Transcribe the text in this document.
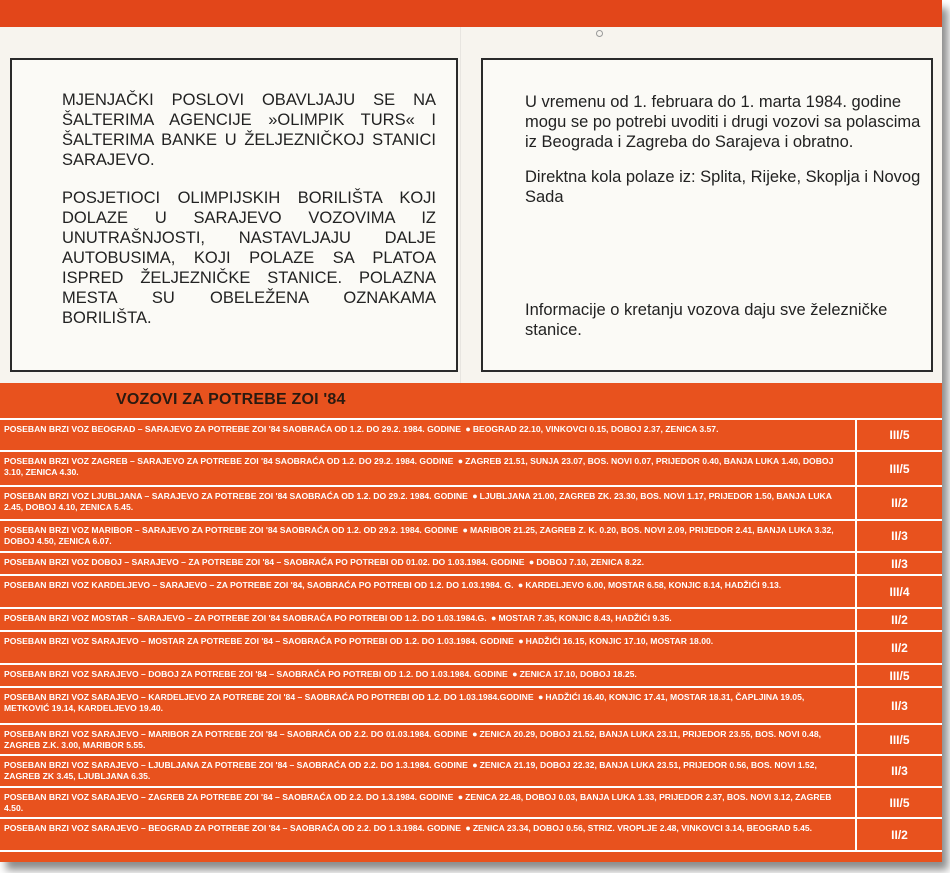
MJENJAČKI POSLOVI OBAVLJAJU SE NA ŠALTERIMA AGENCIJE »OLIMPIK TURS« I ŠALTERIMA BANKE U ŽELJEZNIČKOJ STANICI SARAJEVO.

POSJETIOCI OLIMPIJSKIH BORILIŠTA KOJI DOLAZE U SARAJEVO VOZOVIMA IZ UNUTRAŠNJOSTI, NASTAVLJAJU DALJE AUTOBUSIMA, KOJI POLAZE SA PLATOA ISPRED ŽELJEZNIČKE STANICE. POLAZNA MESTA SU OBELEŽENA OZNAKAMA BORILIŠTA.

U vremenu od 1. februara do 1. marta 1984. godine mogu se po potrebi uvoditi i drugi vozovi sa polascima iz Beograda i Zagreba do Sarajeva i obratno.

Direktna kola polaze iz: Splita, Rijeke, Skoplja i Novog Sada

Informacije o kretanju vozova daju sve železničke stanice.

VOZOVI ZA POTREBE ZOI '84
POSEBAN BRZI VOZ BEOGRAD – SARAJEVO ZA POTREBE ZOI '84 SAOBRAĆA OD 1.2. DO 29.2. 1984. GODINE ● BEOGRAD 22.10, VINKOVCI 0.15, DOBOJ 2.37, ZENICA 3.57.	III/5
POSEBAN BRZI VOZ ZAGREB – SARAJEVO ZA POTREBE ZOI '84 SAOBRAĆA OD 1.2. DO 29.2. 1984. GODINE ● ZAGREB 21.51, SUNJA 23.07, BOS. NOVI 0.07, PRIJEDOR 0.40, BANJA LUKA 1.40, DOBOJ 3.10, ZENICA 4.30.	III/5
POSEBAN BRZI VOZ LJUBLJANA – SARAJEVO ZA POTREBE ZOI '84 SAOBRAĆA OD 1.2. DO 29.2. 1984. GODINE ● LJUBLJANA 21.00, ZAGREB ZK. 23.30, BOS. NOVI 1.17, PRIJEDOR 1.50, BANJA LUKA 2.45, DOBOJ 4.10, ZENICA 5.45.	II/2
POSEBAN BRZI VOZ MARIBOR – SARAJEVO ZA POTREBE ZOI '84 SAOBRAĆA OD 1.2. OD 29.2. 1984. GODINE ● MARIBOR 21.25, ZAGREB Z. K. 0.20, BOS. NOVI 2.09, PRIJEDOR 2.41, BANJA LUKA 3.32, DOBOJ 4.50, ZENICA 6.07.	II/3
POSEBAN BRZI VOZ DOBOJ – SARAJEVO – ZA POTREBE ZOI '84 – SAOBRAĆA PO POTREBI OD 01.02. DO 1.03.1984. GODINE ● DOBOJ 7.10, ZENICA 8.22.	II/3
POSEBAN BRZI VOZ KARDELJEVO – SARAJEVO – ZA POTREBE ZOI '84, SAOBRAĆA PO POTREBI OD 1.2. DO 1.03.1984. G. ● KARDELJEVO 6.00, MOSTAR 6.58, KONJIC 8.14, HADŽIĆI 9.13.	III/4
POSEBAN BRZI VOZ MOSTAR – SARAJEVO – ZA POTREBE ZOI '84 SAOBRAĆA PO POTREBI OD 1.2. DO 1.03.1984.G. ● MOSTAR 7.35, KONJIC 8.43, HADŽIĆI 9.35.	II/2
POSEBAN BRZI VOZ SARAJEVO – MOSTAR ZA POTREBE ZOI '84 – SAOBRAĆA PO POTREBI OD 1.2. DO 1.03.1984. GODINE ● HADŽIĆI 16.15, KONJIC 17.10, MOSTAR 18.00.	II/2
POSEBAN BRZI VOZ SARAJEVO – DOBOJ ZA POTREBE ZOI '84 – SAOBRAĆA PO POTREBI OD 1.2. DO 1.03.1984. GODINE ● ZENICA 17.10, DOBOJ 18.25.	III/5
POSEBAN BRZI VOZ SARAJEVO – KARDELJEVO ZA POTREBE ZOI '84 – SAOBRAĆA PO POTREBI OD 1.2. DO 1.03.1984.GODINE ● HADŽIĆI 16.40, KONJIC 17.41, MOSTAR 18.31, ČAPLJINA 19.05, METKOVIĆ 19.14, KARDELJEVO 19.40.	II/3
POSEBAN BRZI VOZ SARAJEVO – MARIBOR ZA POTREBE ZOI '84 – SAOBRAĆA OD 2.2. DO 01.03.1984. GODINE ● ZENICA 20.29, DOBOJ 21.52, BANJA LUKA 23.11, PRIJEDOR 23.55, BOS. NOVI 0.48, ZAGREB Z.K. 3.00, MARIBOR 5.55.	III/5
POSEBAN BRZI VOZ SARAJEVO – LJUBLJANA ZA POTREBE ZOI '84 – SAOBRAĆA OD 2.2. DO 1.3.1984. GODINE ● ZENICA 21.19, DOBOJ 22.32, BANJA LUKA 23.51, PRIJEDOR 0.56, BOS. NOVI 1.52, ZAGREB ZK 3.45, LJUBLJANA 6.35.	II/3
POSEBAN BRZI VOZ SARAJEVO – ZAGREB ZA POTREBE ZOI '84 – SAOBRAĆA OD 2.2. DO 1.3.1984. GODINE ● ZENICA 22.48, DOBOJ 0.03, BANJA LUKA 1.33, PRIJEDOR 2.37, BOS. NOVI 3.12, ZAGREB 4.50.	III/5
POSEBAN BRZI VOZ SARAJEVO – BEOGRAD ZA POTREBE ZOI '84 – SAOBRAĆA OD 2.2. DO 1.3.1984. GODINE ● ZENICA 23.34, DOBOJ 0.56, STRIZ. VROPLJE 2.48, VINKOVCI 3.14, BEOGRAD 5.45.	II/2
